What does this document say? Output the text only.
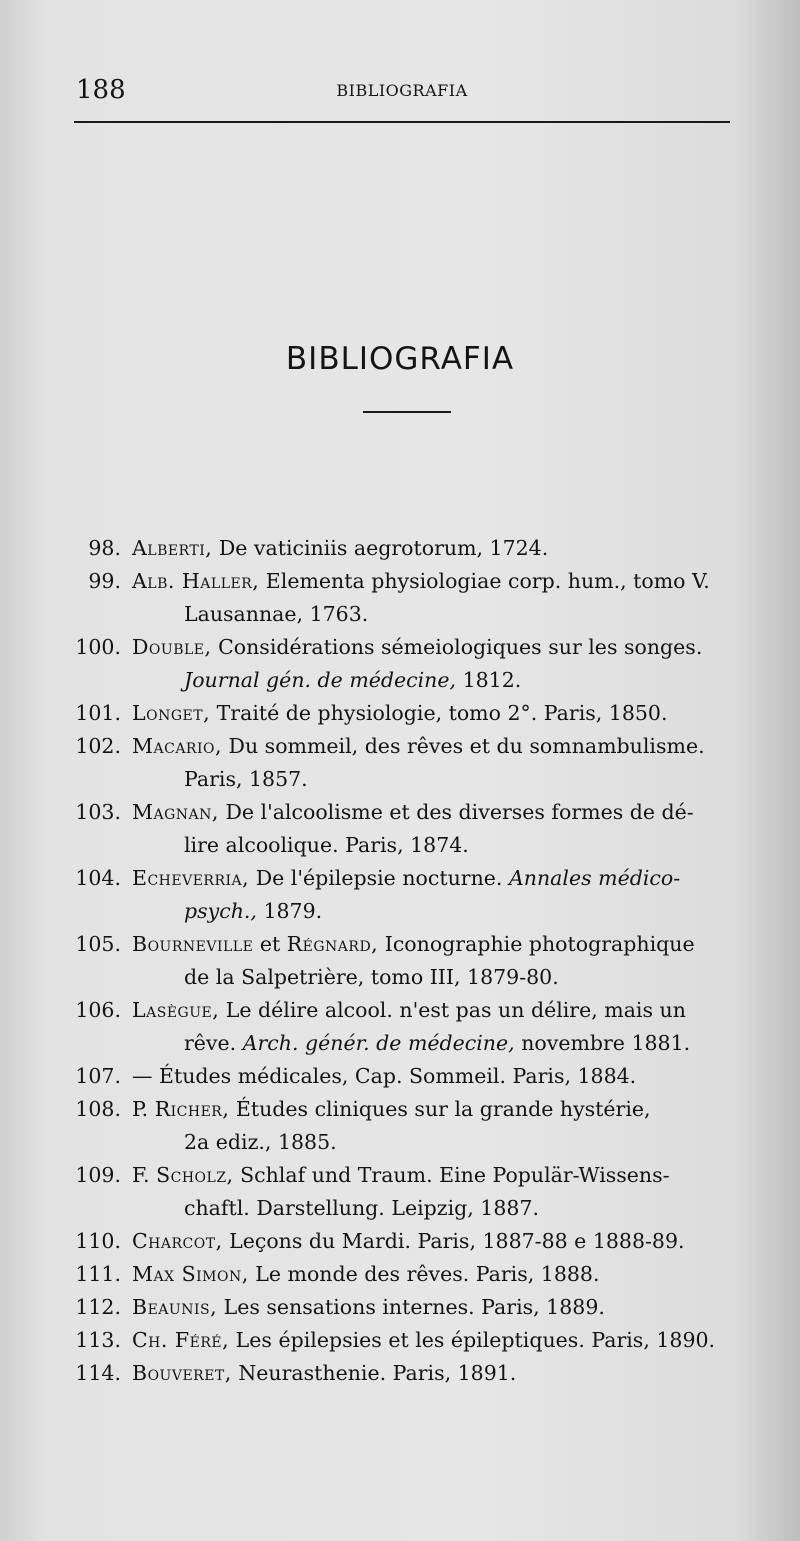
188	BIBLIOGRAFIA
BIBLIOGRAFIA
98. Alberti, De vaticiniis aegrotorum, 1724.
99. Alb. Haller, Elementa physiologiae corp. hum., tomo V.
Lausannae, 1763.
100. Double, Considérations sémeiologiques sur les songes.
Journal gén. de médecine, 1812.
101. Longet, Traité de physiologie, tomo 2°. Paris, 1850.
102. Macario, Du sommeil, des rêves et du somnambulisme.
Paris, 1857.
103. Magnan, De l'alcoolisme et des diverses formes de dé-
lire alcoolique. Paris, 1874.
104. Echeverria, De l'épilepsie nocturne. Annales médico-
psych., 1879.
105. Bourneville et Régnard, Iconographie photographique
de la Salpetrière, tomo III, 1879-80.
106. Lasègue, Le délire alcool. n'est pas un délire, mais un
rêve. Arch. génér. de médecine, novembre 1881.
107. — Études médicales, Cap. Sommeil. Paris, 1884.
108. P. Richer, Études cliniques sur la grande hystérie,
2a ediz., 1885.
109. F. Scholz, Schlaf und Traum. Eine Populär-Wissens-
chaftl. Darstellung. Leipzig, 1887.
110. Charcot, Leçons du Mardi. Paris, 1887-88 e 1888-89.
111. Max Simon, Le monde des rêves. Paris, 1888.
112. Beaunis, Les sensations internes. Paris, 1889.
113. Ch. Féré, Les épilepsies et les épileptiques. Paris, 1890.
114. Bouveret, Neurasthenie. Paris, 1891.
